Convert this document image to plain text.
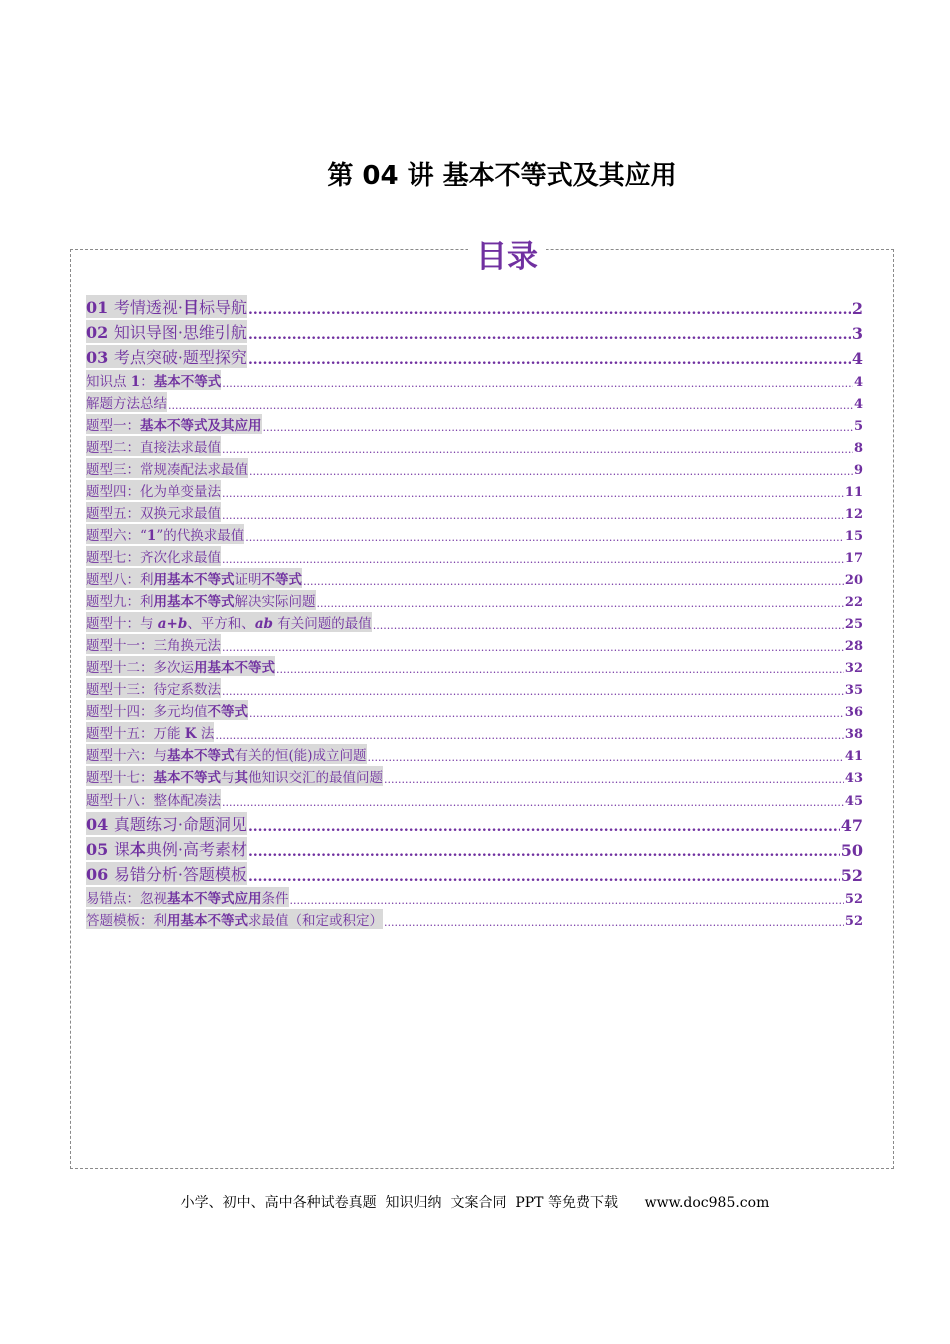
第 04 讲 基本不等式及其应用
目录
01 考情透视·目标导航 .....	2
02 知识导图·思维引航 .....	3
03 考点突破·题型探究 .....	4
知识点 1：基本不等式 .....	4
解题方法总结 .....	4
题型一：基本不等式及其应用 .....	5
题型二：直接法求最值 .....	8
题型三：常规凑配法求最值 .....	9
题型四：化为单变量法 .....	11
题型五：双换元求最值 .....	12
题型六：“1”的代换求最值 .....	15
题型七：齐次化求最值 .....	17
题型八：利用基本不等式证明不等式 .....	20
题型九：利用基本不等式解决实际问题 .....	22
题型十：与 a+b、平方和、ab 有关问题的最值 .....	25
题型十一：三角换元法 .....	28
题型十二：多次运用基本不等式 .....	32
题型十三：待定系数法 .....	35
题型十四：多元均值不等式 .....	36
题型十五：万能 K 法 .....	38
题型十六：与基本不等式有关的恒(能)成立问题 .....	41
题型十七：基本不等式与其他知识交汇的最值问题 .....	43
题型十八：整体配凑法 .....	45
04 真题练习·命题洞见 .....	47
05 课本典例·高考素材 .....	50
06 易错分析·答题模板 .....	52
易错点：忽视基本不等式应用条件 .....	52
答题模板：利用基本不等式求最值（和定或积定） .....	52
小学、初中、高中各种试卷真题  知识归纳  文案合同  PPT 等免费下载      www.doc985.com
